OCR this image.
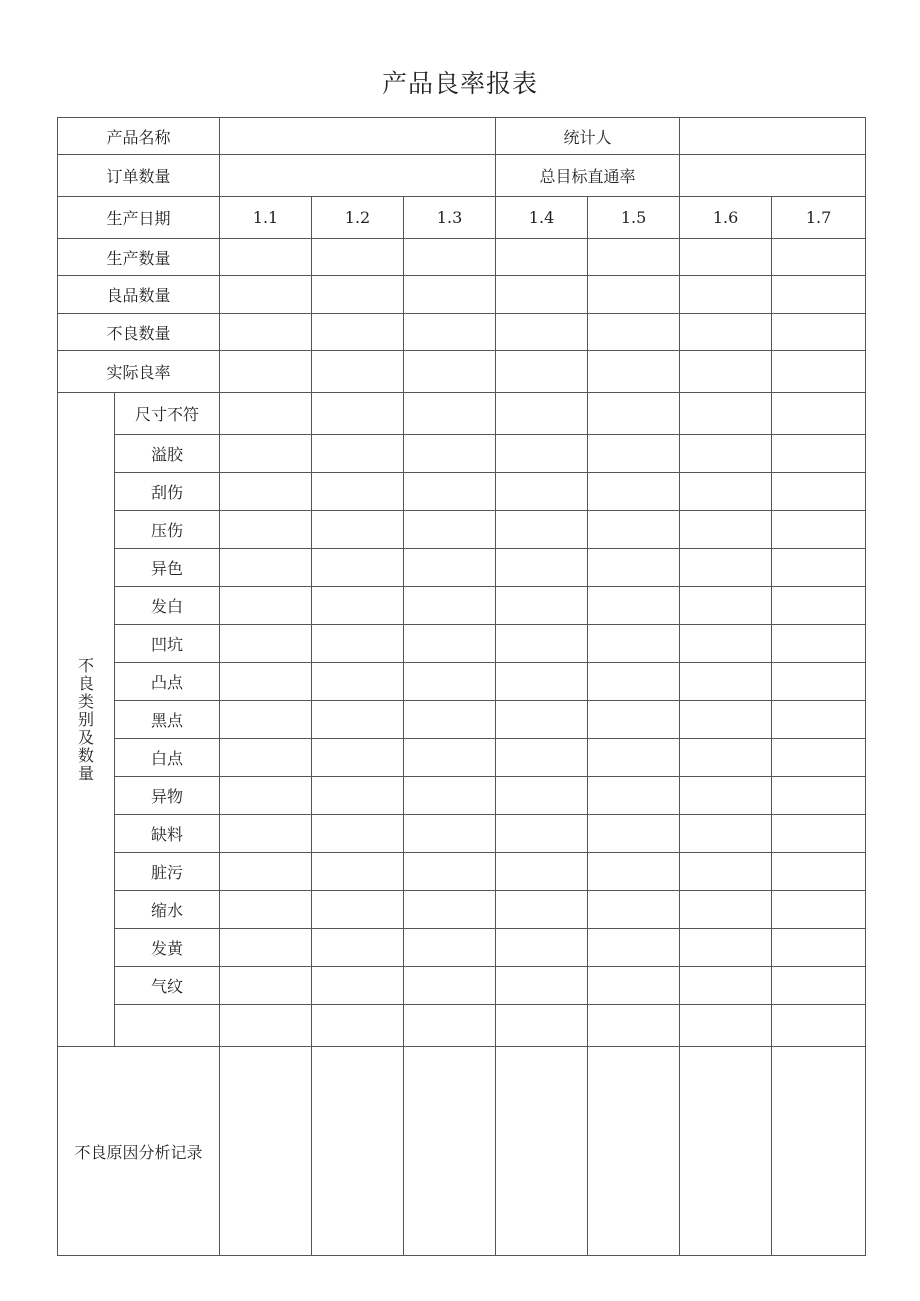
产品良率报表
产品名称					统计人			
订单数量					总目标直通率			
生产日期		1.1	1.2	1.3	1.4	1.5	1.6	1.7
生产数量								
良品数量								
不良数量								
实际良率								

不良类别及数量	尺寸不符							
	溢胶							
	刮伤							
	压伤							
	异色							
	发白							
	凹坑							
	凸点							
	黑点							
	白点							
	异物							
	缺料							
	脏污							
	缩水							
	发黄							
	气纹							

不良原因分析记录								
